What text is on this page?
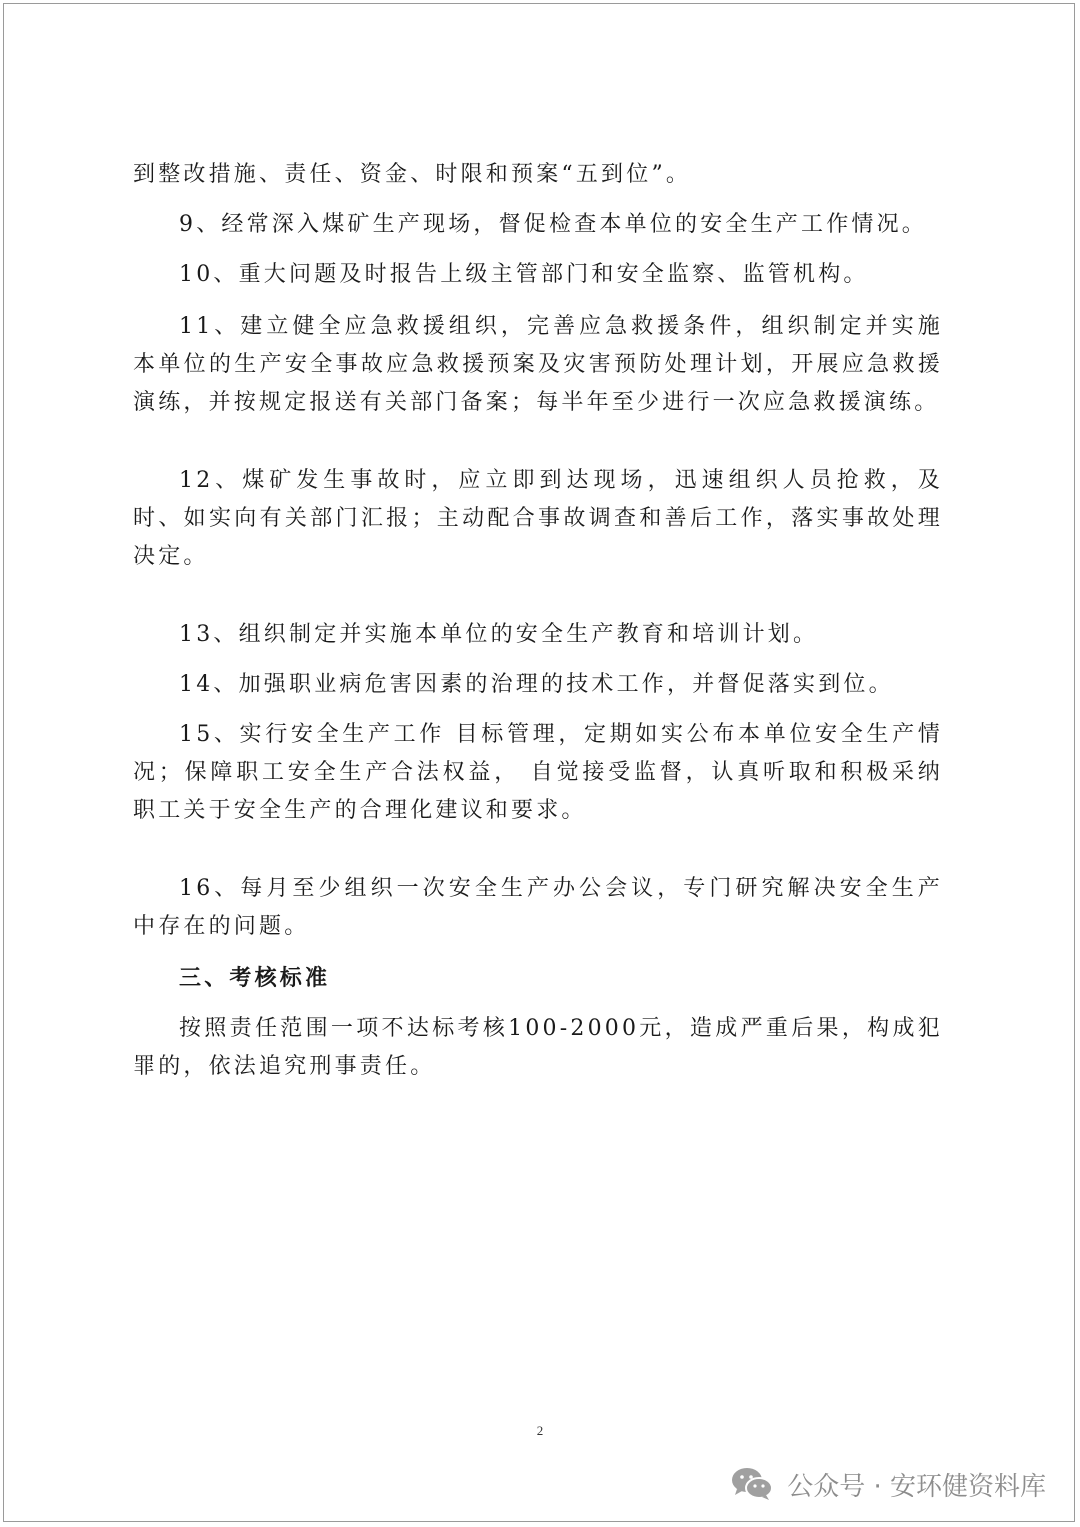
到整改措施、责任、资金、时限和预案“五到位”。

9、经常深入煤矿生产现场，督促检查本单位的安全生产工作情况。

10、重大问题及时报告上级主管部门和安全监察、监管机构。

11、建立健全应急救援组织，完善应急救援条件，组织制定并实施本单位的生产安全事故应急救援预案及灾害预防处理计划，开展应急救援演练，并按规定报送有关部门备案；每半年至少进行一次应急救援演练。

12、煤矿发生事故时，应立即到达现场，迅速组织人员抢救，及时、如实向有关部门汇报；主动配合事故调查和善后工作，落实事故处理决定。

13、组织制定并实施本单位的安全生产教育和培训计划。

14、加强职业病危害因素的治理的技术工作，并督促落实到位。

15、实行安全生产工作 目标管理，定期如实公布本单位安全生产情况；保障职工安全生产合法权益， 自觉接受监督，认真听取和积极采纳职工关于安全生产的合理化建议和要求。

16、每月至少组织一次安全生产办公会议，专门研究解决安全生产中存在的问题。

三、考核标准

按照责任范围一项不达标考核100-2000元，造成严重后果，构成犯罪的，依法追究刑事责任。

2
公众号 · 安环健资料库
